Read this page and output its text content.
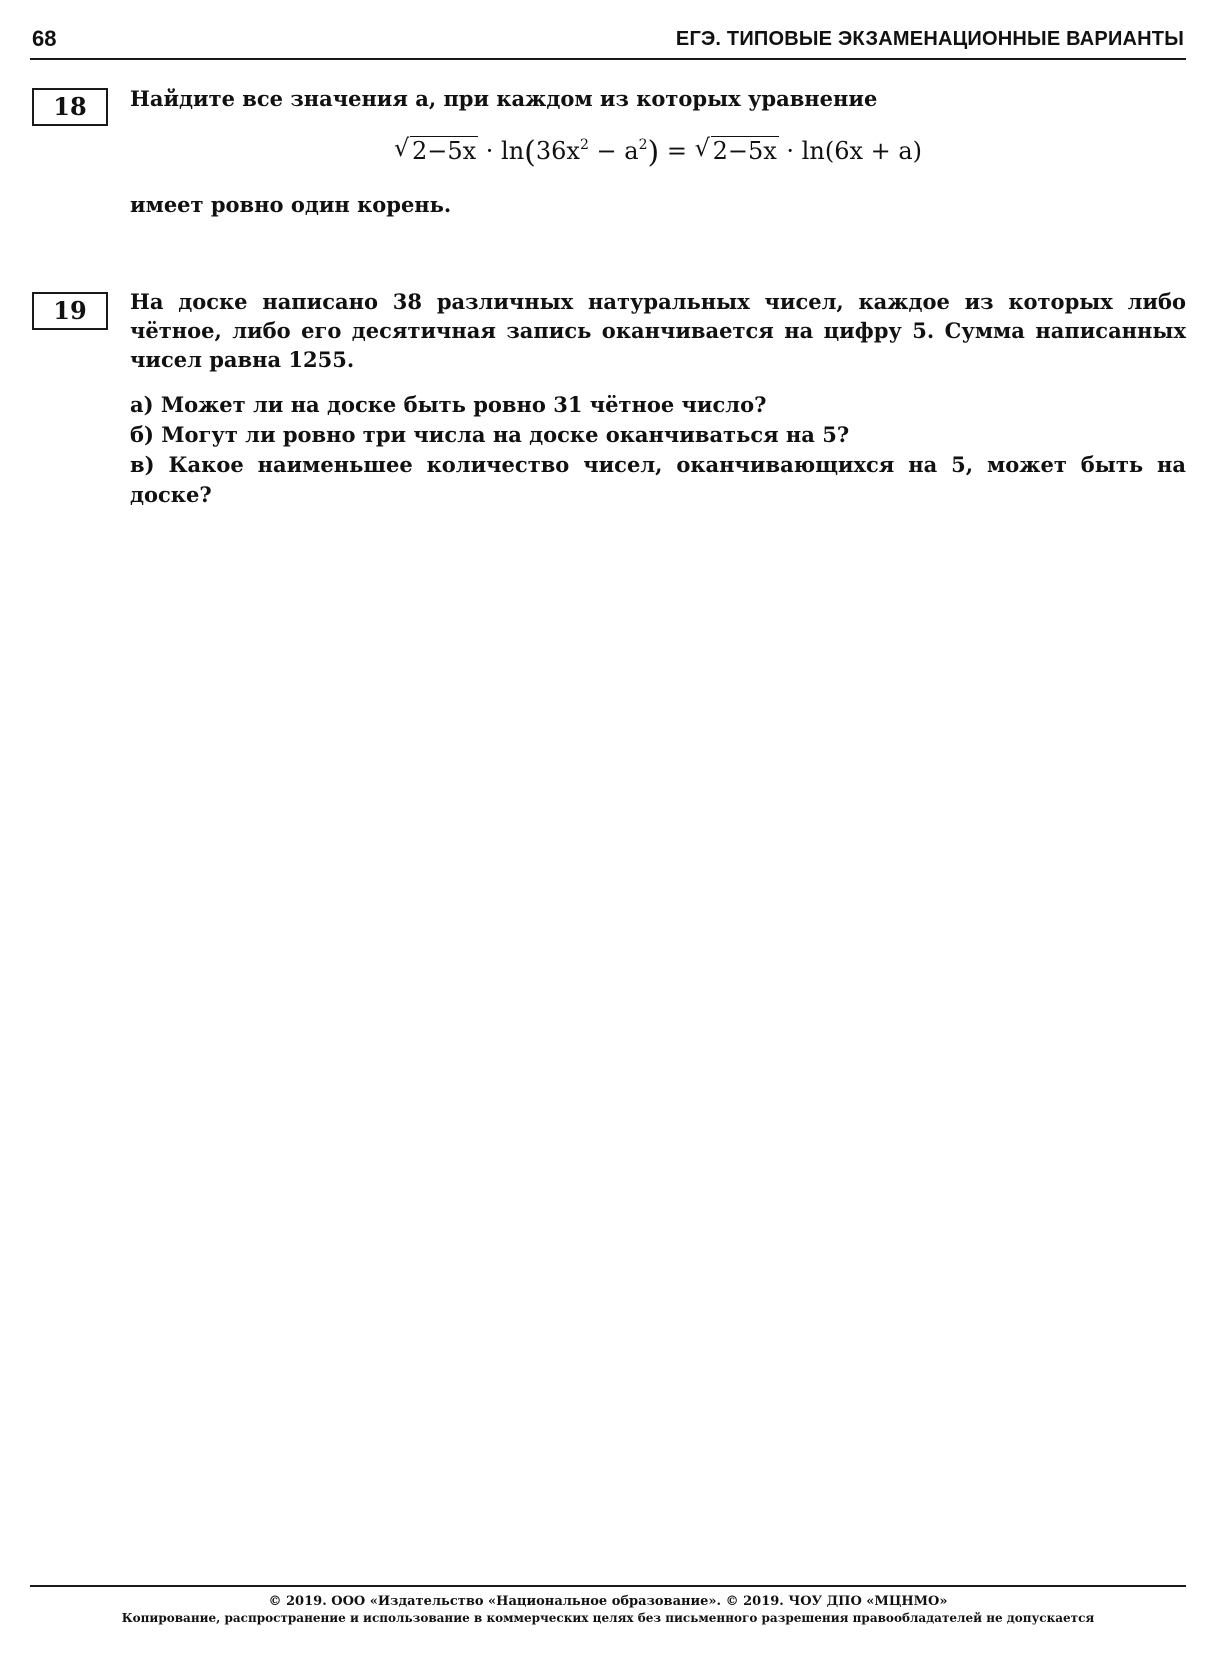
68	ЕГЭ. ТИПОВЫЕ ЭКЗАМЕНАЦИОННЫЕ ВАРИАНТЫ
18	Найдите все значения a, при каждом из которых уравнение
√ $2-5x \cdot \ln(36x^2 - a^2)$ = √ 2−5x · ln(6x + a)
имеет ровно один корень.
19	На доске написано 38 различных натуральных чисел, каждое из которых либо чётное, либо его десятичная запись оканчивается на цифру 5. Сумма написанных чисел равна 1255.
а) Может ли на доске быть ровно 31 чётное число?
б) Могут ли ровно три числа на доске оканчиваться на 5?
в) Какое наименьшее количество чисел, оканчивающихся на 5, может быть на доске?
© 2019. ООО «Издательство «Национальное образование». © 2019. ЧОУ ДПО «МЦНМО»
Копирование, распространение и использование в коммерческих целях без письменного разрешения правообладателей не допускается
